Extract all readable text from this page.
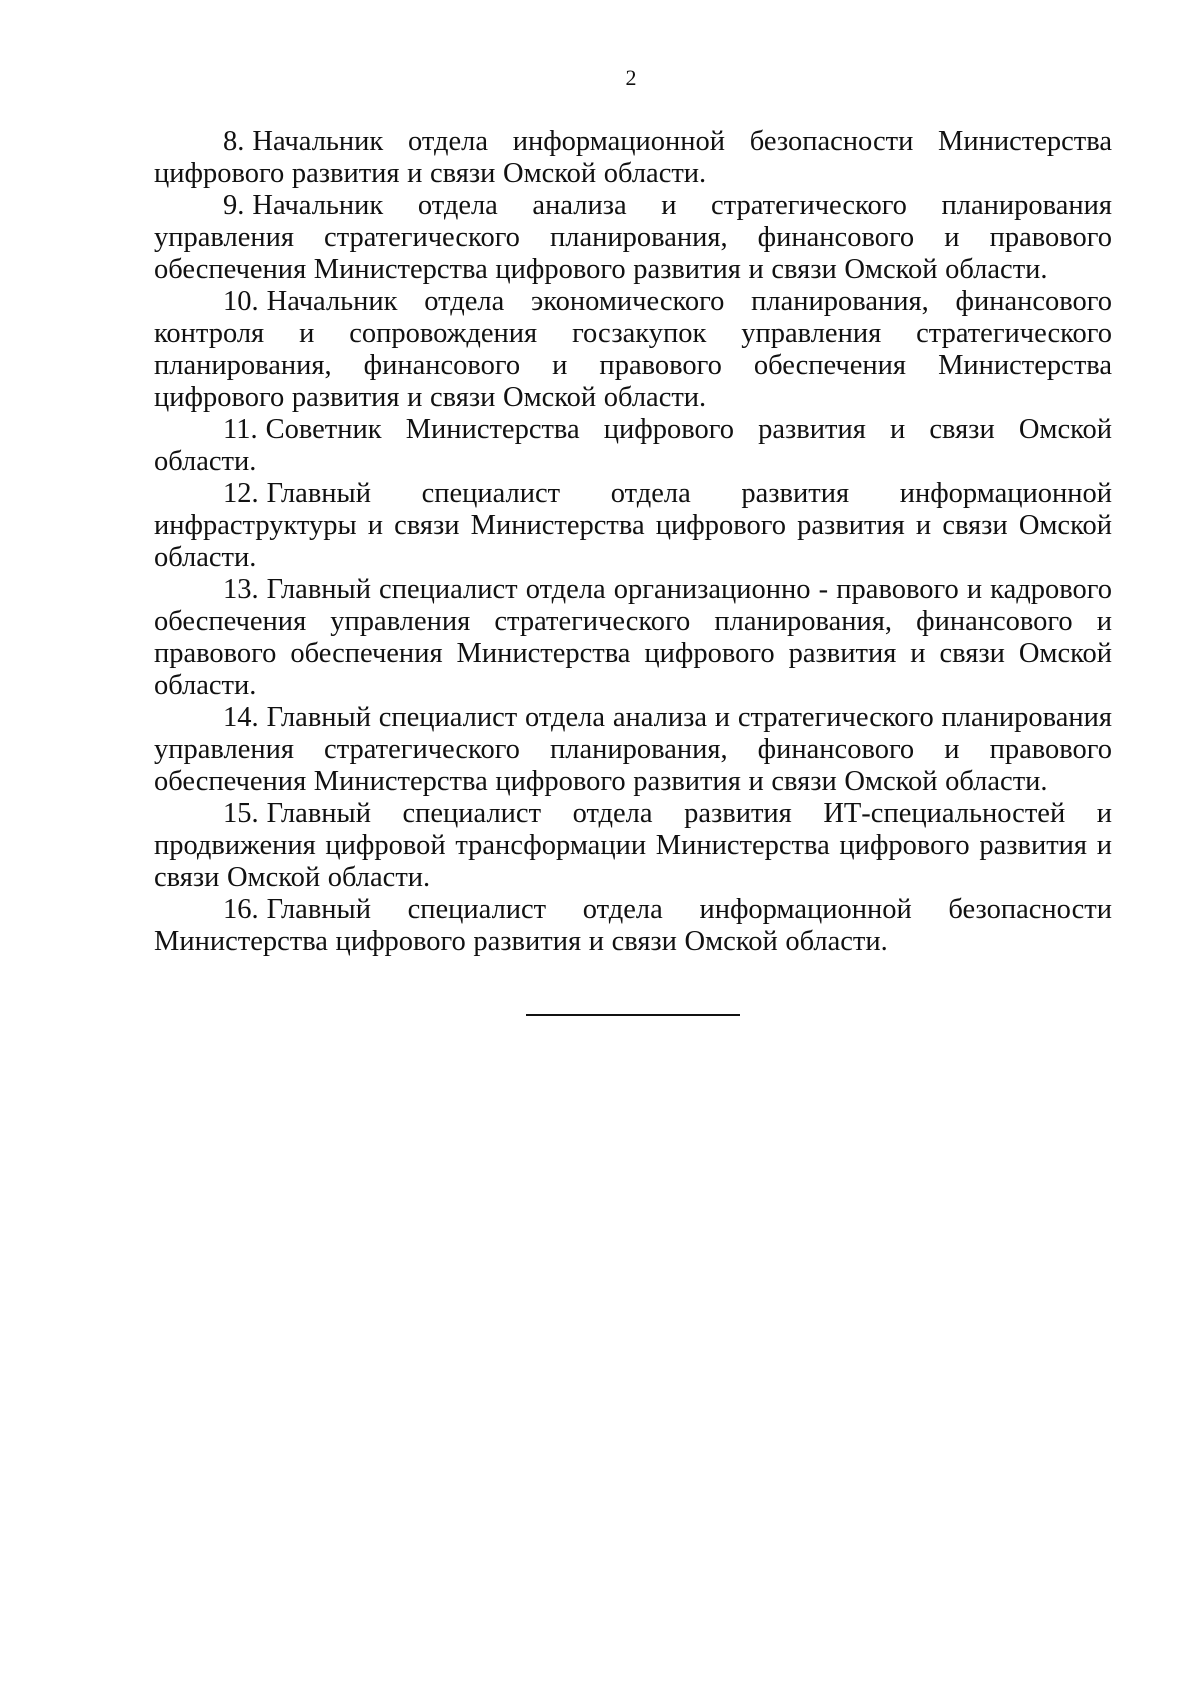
2

8. Начальник отдела информационной безопасности Министерства цифрового развития и связи Омской области.

9. Начальник отдела анализа и стратегического планирования управления стратегического планирования, финансового и правового обеспечения Министерства цифрового развития и связи Омской области.

10. Начальник отдела экономического планирования, финансового контроля и сопровождения госзакупок управления стратегического планирования, финансового и правового обеспечения Министерства цифрового развития и связи Омской области.

11. Советник Министерства цифрового развития и связи Омской области.

12. Главный специалист отдела развития информационной инфраструктуры и связи Министерства цифрового развития и связи Омской области.

13. Главный специалист отдела организационно - правового и кадрового обеспечения управления стратегического планирования, финансового и правового обеспечения Министерства цифрового развития и связи Омской области.

14. Главный специалист отдела анализа и стратегического планирования управления стратегического планирования, финансового и правового обеспечения Министерства цифрового развития и связи Омской области.

15. Главный специалист отдела развития ИТ-специальностей и продвижения цифровой трансформации Министерства цифрового развития и связи Омской области.

16. Главный специалист отдела информационной безопасности Министерства цифрового развития и связи Омской области.
